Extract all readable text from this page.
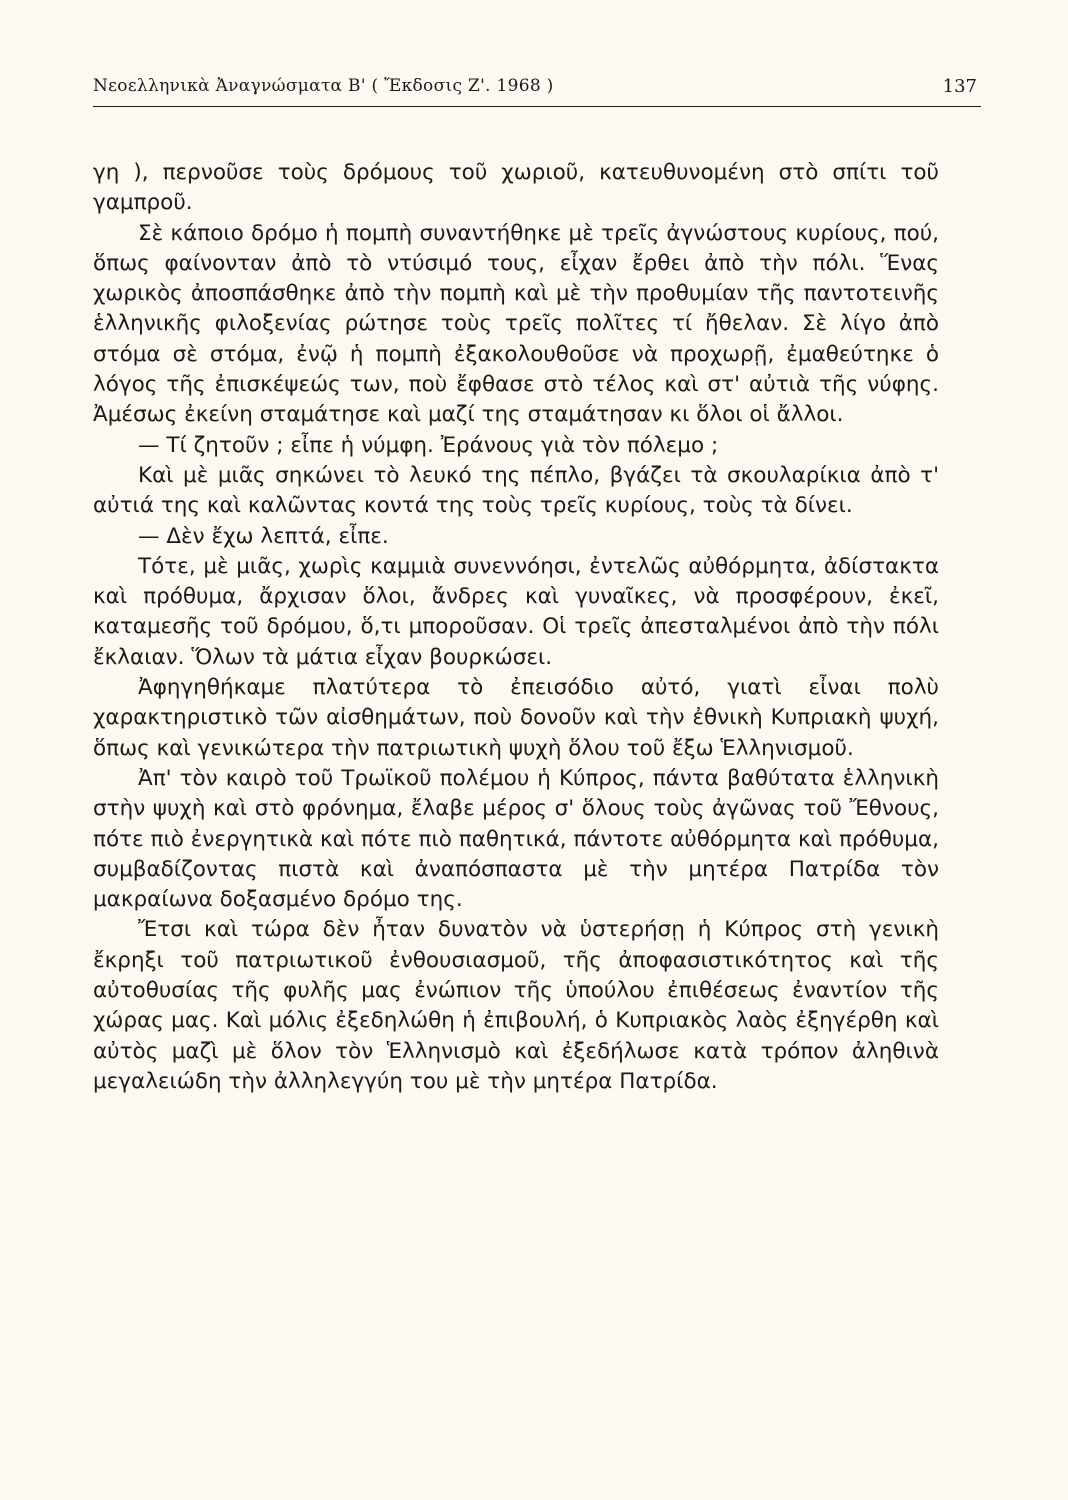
Νεοελληνικὰ Ἀναγνώσματα Β' ( Ἔκδοσις Ζ'. 1968 )	137

γη ), περνοῦσε τοὺς δρόμους τοῦ χωριοῦ, κατευθυνομένη στὸ σπίτι τοῦ γαμπροῦ.

Σὲ κάποιο δρόμο ἡ πομπὴ συναντήθηκε μὲ τρεῖς ἀγνώστους κυρίους, πού, ὅπως φαίνονταν ἀπὸ τὸ ντύσιμό τους, εἶχαν ἔρθει ἀπὸ τὴν πόλι. Ἕνας χωρικὸς ἀποσπάσθηκε ἀπὸ τὴν πομπὴ καὶ μὲ τὴν προθυμίαν τῆς παντοτεινῆς ἑλληνικῆς φιλοξενίας ρώτησε τοὺς τρεῖς πολῖτες τί ἤθελαν. Σὲ λίγο ἀπὸ στόμα σὲ στόμα, ἐνῷ ἡ πομπὴ ἐξακολουθοῦσε νὰ προχωρῇ, ἐμαθεύτηκε ὁ λόγος τῆς ἐπισκέψεώς των, ποὺ ἔφθασε στὸ τέλος καὶ στ' αὐτιὰ τῆς νύφης. Ἀμέσως ἐκείνη σταμάτησε καὶ μαζί της σταμάτησαν κι ὅλοι οἱ ἄλλοι.

— Τί ζητοῦν ; εἶπε ἡ νύμφη. Ἐράνους γιὰ τὸν πόλεμο ;

Καὶ μὲ μιᾶς σηκώνει τὸ λευκό της πέπλο, βγάζει τὰ σκουλαρίκια ἀπὸ τ' αὐτιά της καὶ καλῶντας κοντά της τοὺς τρεῖς κυρίους, τοὺς τὰ δίνει.

— Δὲν ἔχω λεπτά, εἶπε.

Τότε, μὲ μιᾶς, χωρὶς καμμιὰ συνεννόησι, ἐντελῶς αὐθόρμητα, ἀδίστακτα καὶ πρόθυμα, ἄρχισαν ὅλοι, ἄνδρες καὶ γυναῖκες, νὰ προσφέρουν, ἐκεῖ, καταμεσῆς τοῦ δρόμου, ὅ,τι μποροῦσαν. Οἱ τρεῖς ἀπεσταλμένοι ἀπὸ τὴν πόλι ἔκλαιαν. Ὅλων τὰ μάτια εἶχαν βουρκώσει.

Ἀφηγηθήκαμε πλατύτερα τὸ ἐπεισόδιο αὐτό, γιατὶ εἶναι πολὺ χαρακτηριστικὸ τῶν αἰσθημάτων, ποὺ δονοῦν καὶ τὴν ἐθνικὴ Κυπριακὴ ψυχή, ὅπως καὶ γενικώτερα τὴν πατριωτικὴ ψυχὴ ὅλου τοῦ ἔξω Ἑλληνισμοῦ.

Ἀπ' τὸν καιρὸ τοῦ Τρωϊκοῦ πολέμου ἡ Κύπρος, πάντα βαθύτατα ἑλληνικὴ στὴν ψυχὴ καὶ στὸ φρόνημα, ἔλαβε μέρος σ' ὅλους τοὺς ἀγῶνας τοῦ Ἔθνους, πότε πιὸ ἐνεργητικὰ καὶ πότε πιὸ παθητικά, πάντοτε αὐθόρμητα καὶ πρόθυμα, συμβαδίζοντας πιστὰ καὶ ἀναπόσπαστα μὲ τὴν μητέρα Πατρίδα τὸν μακραίωνα δοξασμένο δρόμο της.

Ἔτσι καὶ τώρα δὲν ἦταν δυνατὸν νὰ ὑστερήσῃ ἡ Κύπρος στὴ γενικὴ ἔκρηξι τοῦ πατριωτικοῦ ἐνθουσιασμοῦ, τῆς ἀποφασιστικότητος καὶ τῆς αὐτοθυσίας τῆς φυλῆς μας ἐνώπιον τῆς ὑπούλου ἐπιθέσεως ἐναντίον τῆς χώρας μας. Καὶ μόλις ἐξεδηλώθη ἡ ἐπιβουλή, ὁ Κυπριακὸς λαὸς ἐξηγέρθη καὶ αὐτὸς μαζὶ μὲ ὅλον τὸν Ἑλληνισμὸ καὶ ἐξεδήλωσε κατὰ τρόπον ἀληθινὰ μεγαλειώδη τὴν ἀλληλεγγύη του μὲ τὴν μητέρα Πατρίδα.
